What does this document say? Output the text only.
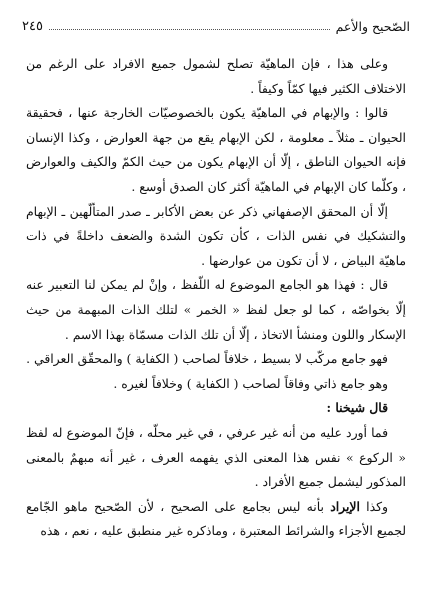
الصّحيح والأعم
٢٤٥

وعلى هذا ، فإن الماهيّة تصلح لشمول جميع الافراد على الرغم من الاختلاف الكثير فيها كمّاً وكيفاً .

قالوا : والإبهام في الماهيّة يكون بالخصوصيّات الخارجة عنها ، فحقيقة الحيوان ـ مثلاً ـ معلومة ، لكن الإبهام يقع من جهة العوارض ، وكذا الإنسان فإنه الحيوان الناطق ، إلّا أن الإبهام يكون من حيث الكمّ والكيف والعوارض ، وكلّما كان الإبهام في الماهيّة أكثر كان الصدق أوسع .

إلّا أن المحقق الإصفهاني ذكر عن بعض الأكابر ـ صدر المتألّهين ـ الإبهام والتشكيك في نفس الذات ، كأن تكون الشدة والضعف داخلةً في ذات ماهيّة البياض ، لا أن تكون من عوارضها .

قال : فهذا هو الجامع الموضوع له اللّفظ ، وإنْ لم يمكن لنا التعبير عنه إلّا بخواصّه ، كما لو جعل لفظ « الخمر » لتلك الذات المبهمة من حيث الإسكار واللون ومنشأ الاتخاذ ، إلّا أن تلك الذات مسمّاة بهذا الاسم .

فهو جامع مركّب لا بسيط ، خلافاً لصاحب ( الكفاية ) والمحقّق العراقي .

وهو جامع ذاتي وفاقاً لصاحب ( الكفاية ) وخلافاً لغيره .

قال شيخنا :

فما أورد عليه من أنه غير عرفي ، في غير محلّه ، فإنّ الموضوع له لفظ « الركوع » نفس هذا المعنى الذي يفهمه العرف ، غير أنه مبهمٌ بالمعنى المذكور ليشمل جميع الأفراد .

وكذا الإيراد بأنه ليس بجامع على الصحيح ، لأن الصّحيح ماهو الجّامع لجميع الأجزاء والشرائط المعتبرة ، وماذكره غير منطبق عليه ، نعم ، هذه
